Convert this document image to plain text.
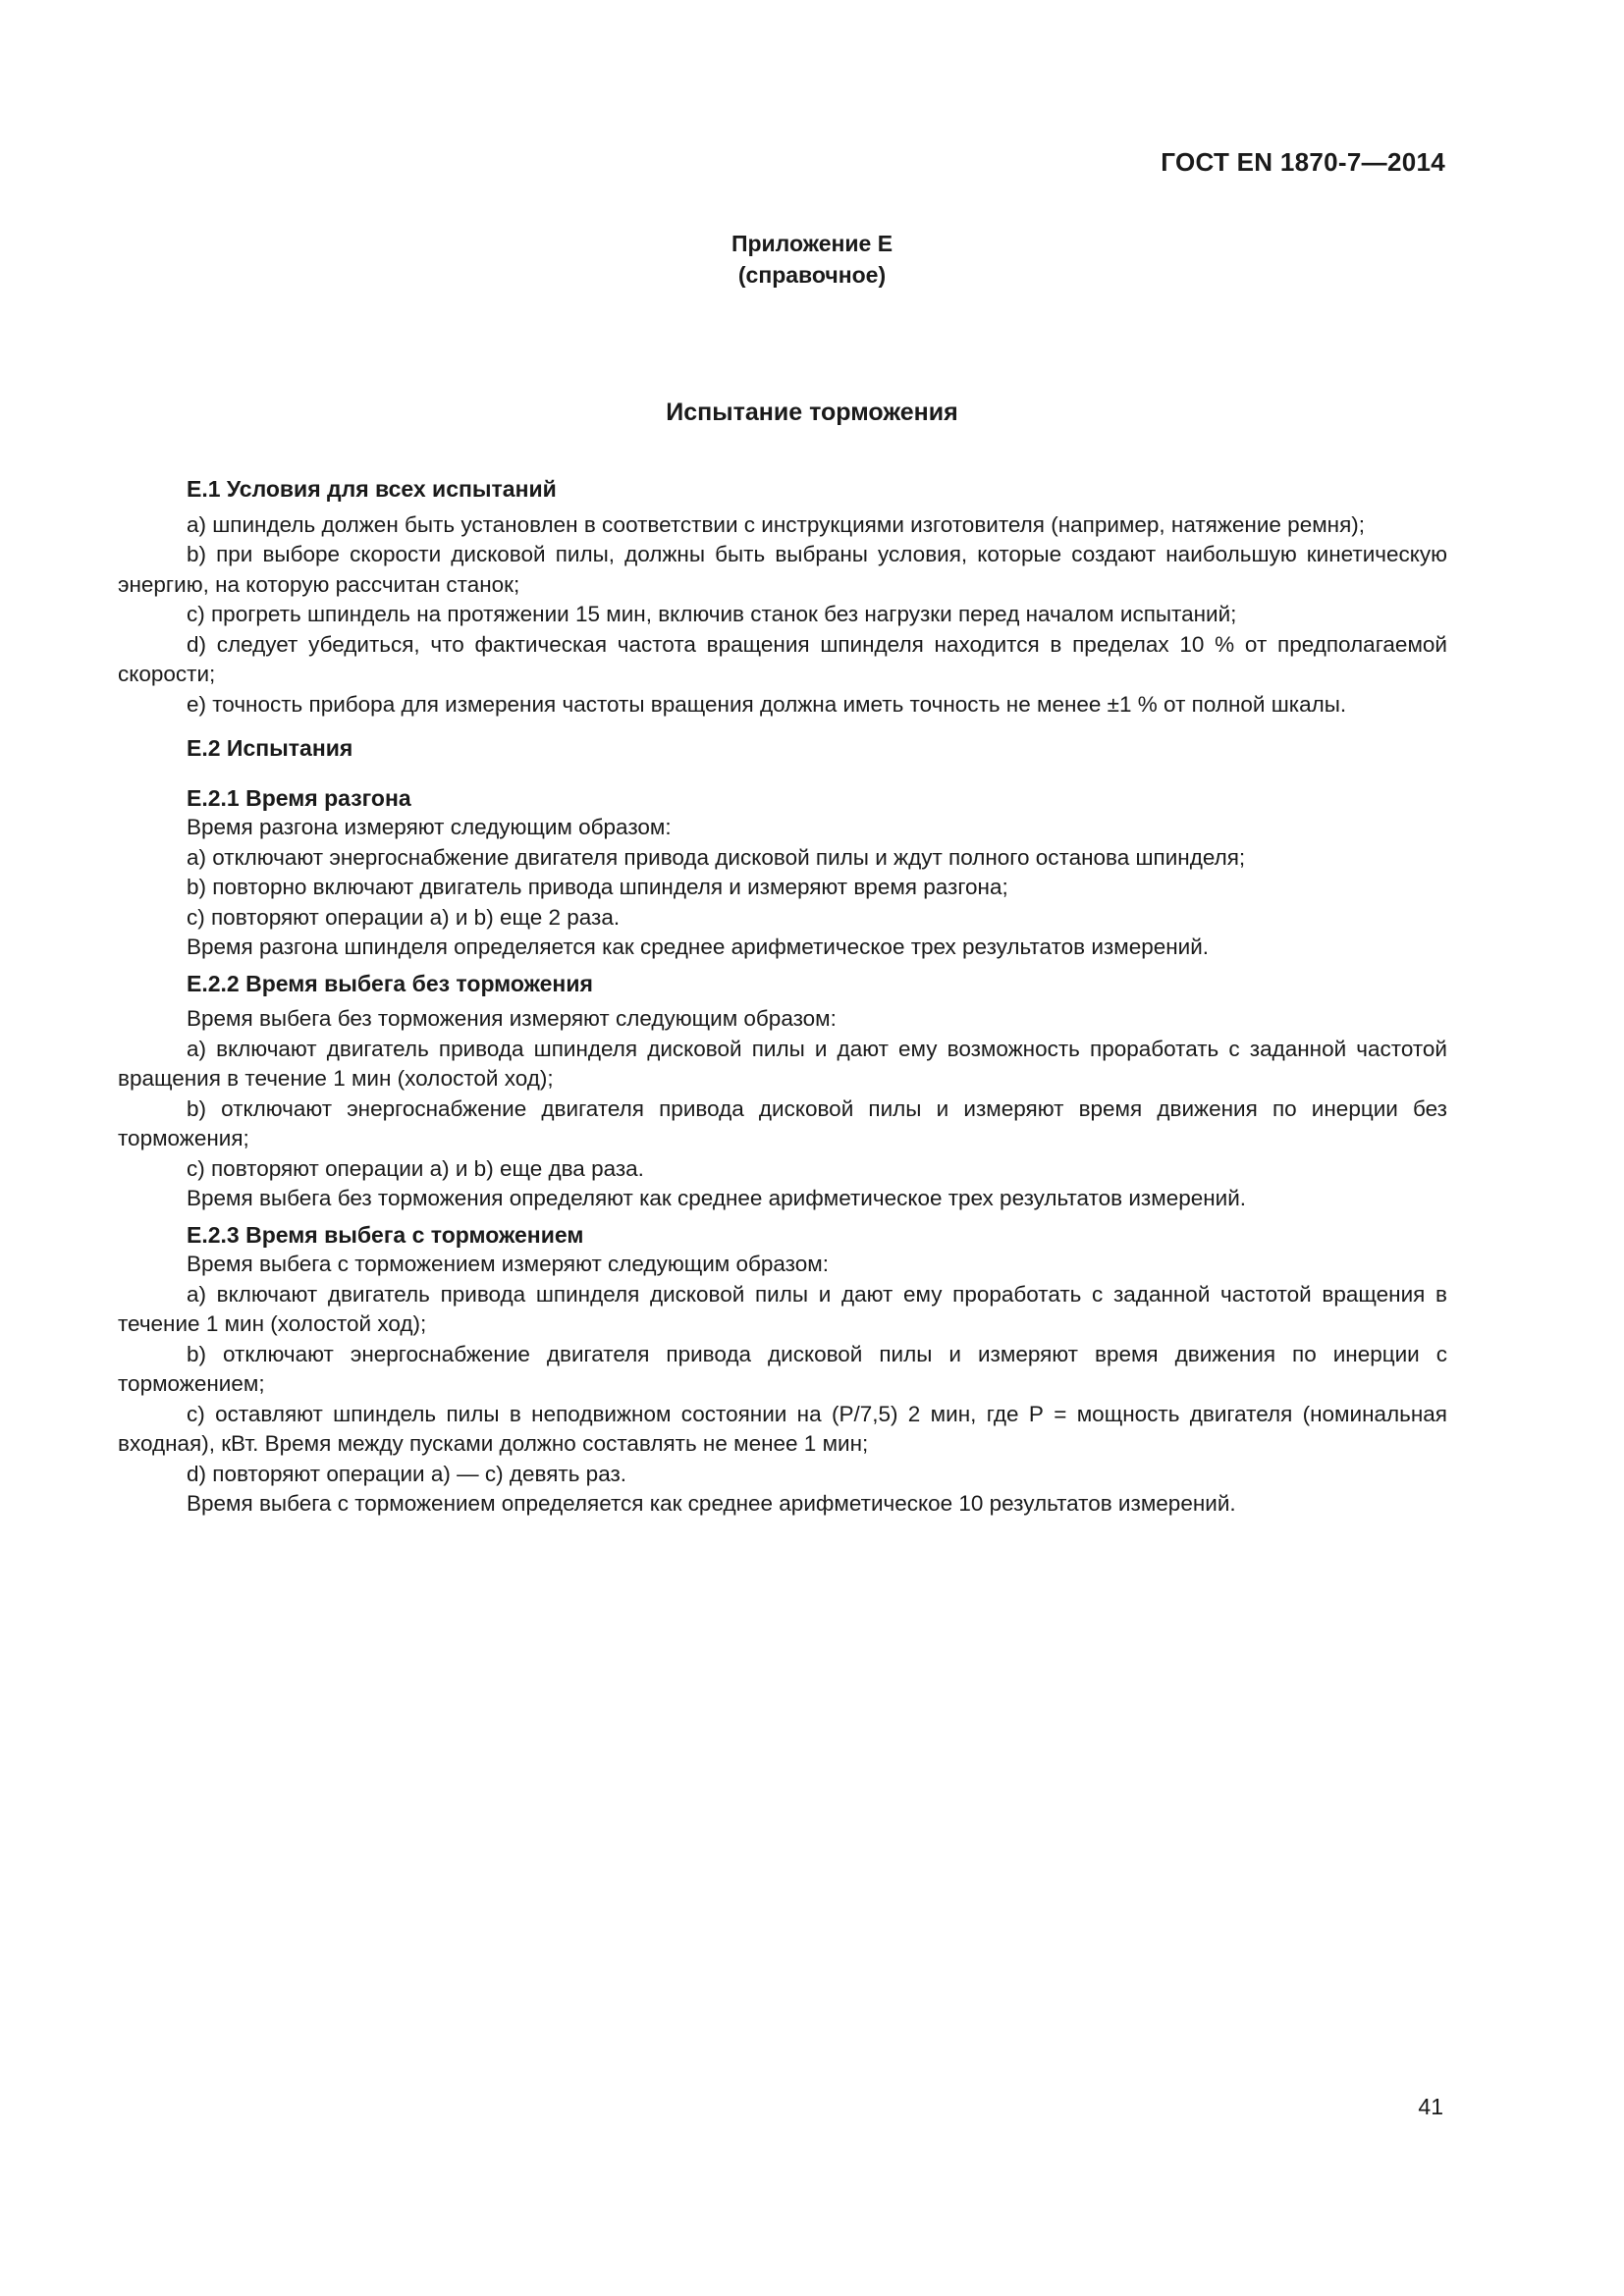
ГОСТ EN 1870-7—2014
Приложение Е
(справочное)
Испытание торможения
Е.1 Условия для всех испытаний

а) шпиндель должен быть установлен в соответствии с инструкциями изготовителя (например, натяжение ремня);

b) при выборе скорости дисковой пилы, должны быть выбраны условия, которые создают наибольшую кинетическую энергию, на которую рассчитан станок;

c) прогреть шпиндель на протяжении 15 мин, включив станок без нагрузки перед началом испытаний;

d) следует убедиться, что фактическая частота вращения шпинделя находится в пределах 10 % от предполагаемой скорости;

е) точность прибора для измерения частоты вращения должна иметь точность не менее ±1 % от полной шкалы.

Е.2 Испытания
Е.2.1 Время разгона

Время разгона измеряют следующим образом:

а) отключают энергоснабжение двигателя привода дисковой пилы и ждут полного останова шпинделя;

b) повторно включают двигатель привода шпинделя и измеряют время разгона;

c) повторяют операции а) и b) еще 2 раза.

Время разгона шпинделя определяется как среднее арифметическое трех результатов измерений.

Е.2.2 Время выбега без торможения

Время выбега без торможения измеряют следующим образом:

а) включают двигатель привода шпинделя дисковой пилы и дают ему возможность проработать с заданной частотой вращения в течение 1 мин (холостой ход);

b) отключают энергоснабжение двигателя привода дисковой пилы и измеряют время движения по инерции без торможения;

c) повторяют операции а) и b) еще два раза.

Время выбега без торможения определяют как среднее арифметическое трех результатов измерений.

Е.2.3 Время выбега с торможением

Время выбега с торможением измеряют следующим образом:

а) включают двигатель привода шпинделя дисковой пилы и дают ему проработать с заданной частотой вращения в течение 1 мин (холостой ход);

b) отключают энергоснабжение двигателя привода дисковой пилы и измеряют время движения по инерции с торможением;

c) оставляют шпиндель пилы в неподвижном состоянии на (P/7,5) 2 мин, где Р = мощность двигателя (номинальная входная), кВт. Время между пусками должно составлять не менее 1 мин;

d) повторяют операции а) — с) девять раз.

Время выбега с торможением определяется как среднее арифметическое 10 результатов измерений.

41
